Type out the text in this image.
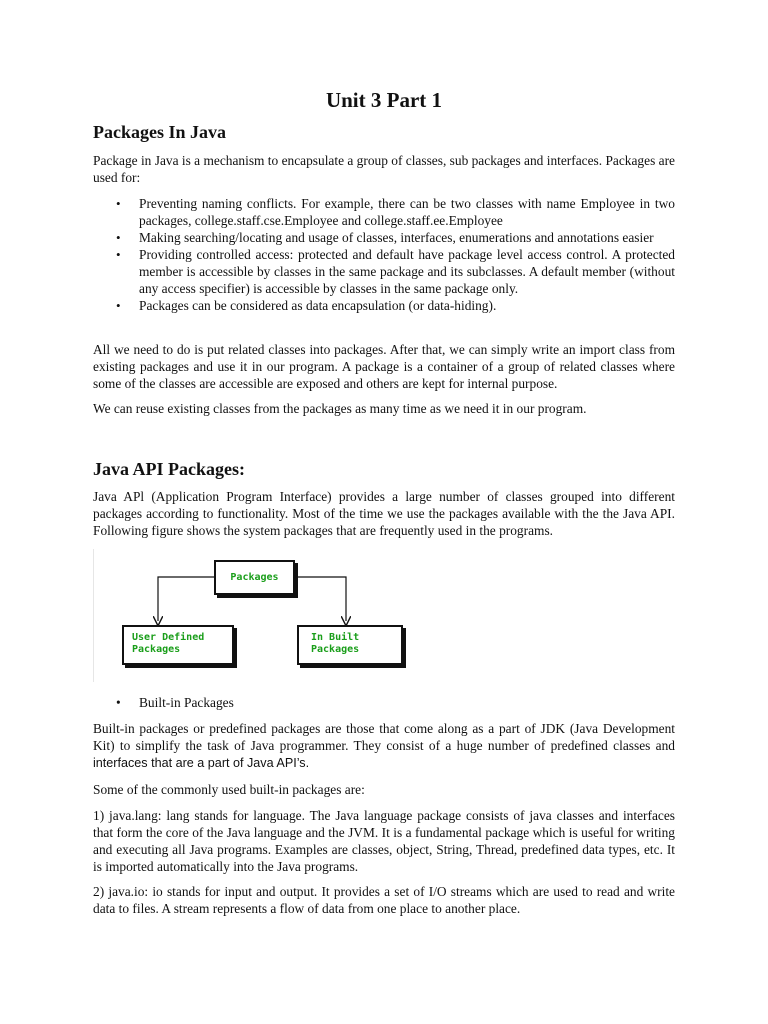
Unit 3 Part 1
Packages In Java

Package in Java is a mechanism to encapsulate a group of classes, sub packages and interfaces. Packages are used for:

• Preventing naming conflicts. For example, there can be two classes with name Employee in two packages, college.staff.cse.Employee and college.staff.ee.Employee
• Making searching/locating and usage of classes, interfaces, enumerations and annotations easier
• Providing controlled access: protected and default have package level access control. A protected member is accessible by classes in the same package and its subclasses. A default member (without any access specifier) is accessible by classes in the same package only.
• Packages can be considered as data encapsulation (or data-hiding).

All we need to do is put related classes into packages. After that, we can simply write an import class from existing packages and use it in our program. A package is a container of a group of related classes where some of the classes are accessible are exposed and others are kept for internal purpose.

We can reuse existing classes from the packages as many time as we need it in our program.

Java API Packages:

Java APl (Application Program Interface) provides a large number of classes grouped into different packages according to functionality. Most of the time we use the packages available with the the Java API. Following figure shows the system packages that are frequently used in the programs.

• Built-in Packages

Built-in packages or predefined packages are those that come along as a part of JDK (Java Development Kit) to simplify the task of Java programmer. They consist of a huge number of predefined classes and interfaces that are a part of Java API’s.

Some of the commonly used built-in packages are:

1) java.lang: lang stands for language. The Java language package consists of java classes and interfaces that form the core of the Java language and the JVM. It is a fundamental package which is useful for writing and executing all Java programs. Examples are classes, object, String, Thread, predefined data types, etc. It is imported automatically into the Java programs.

2) java.io: io stands for input and output. It provides a set of I/O streams which are used to read and write data to files. A stream represents a flow of data from one place to another place.

Packages
User Defined
Packages
In Built
Packages
